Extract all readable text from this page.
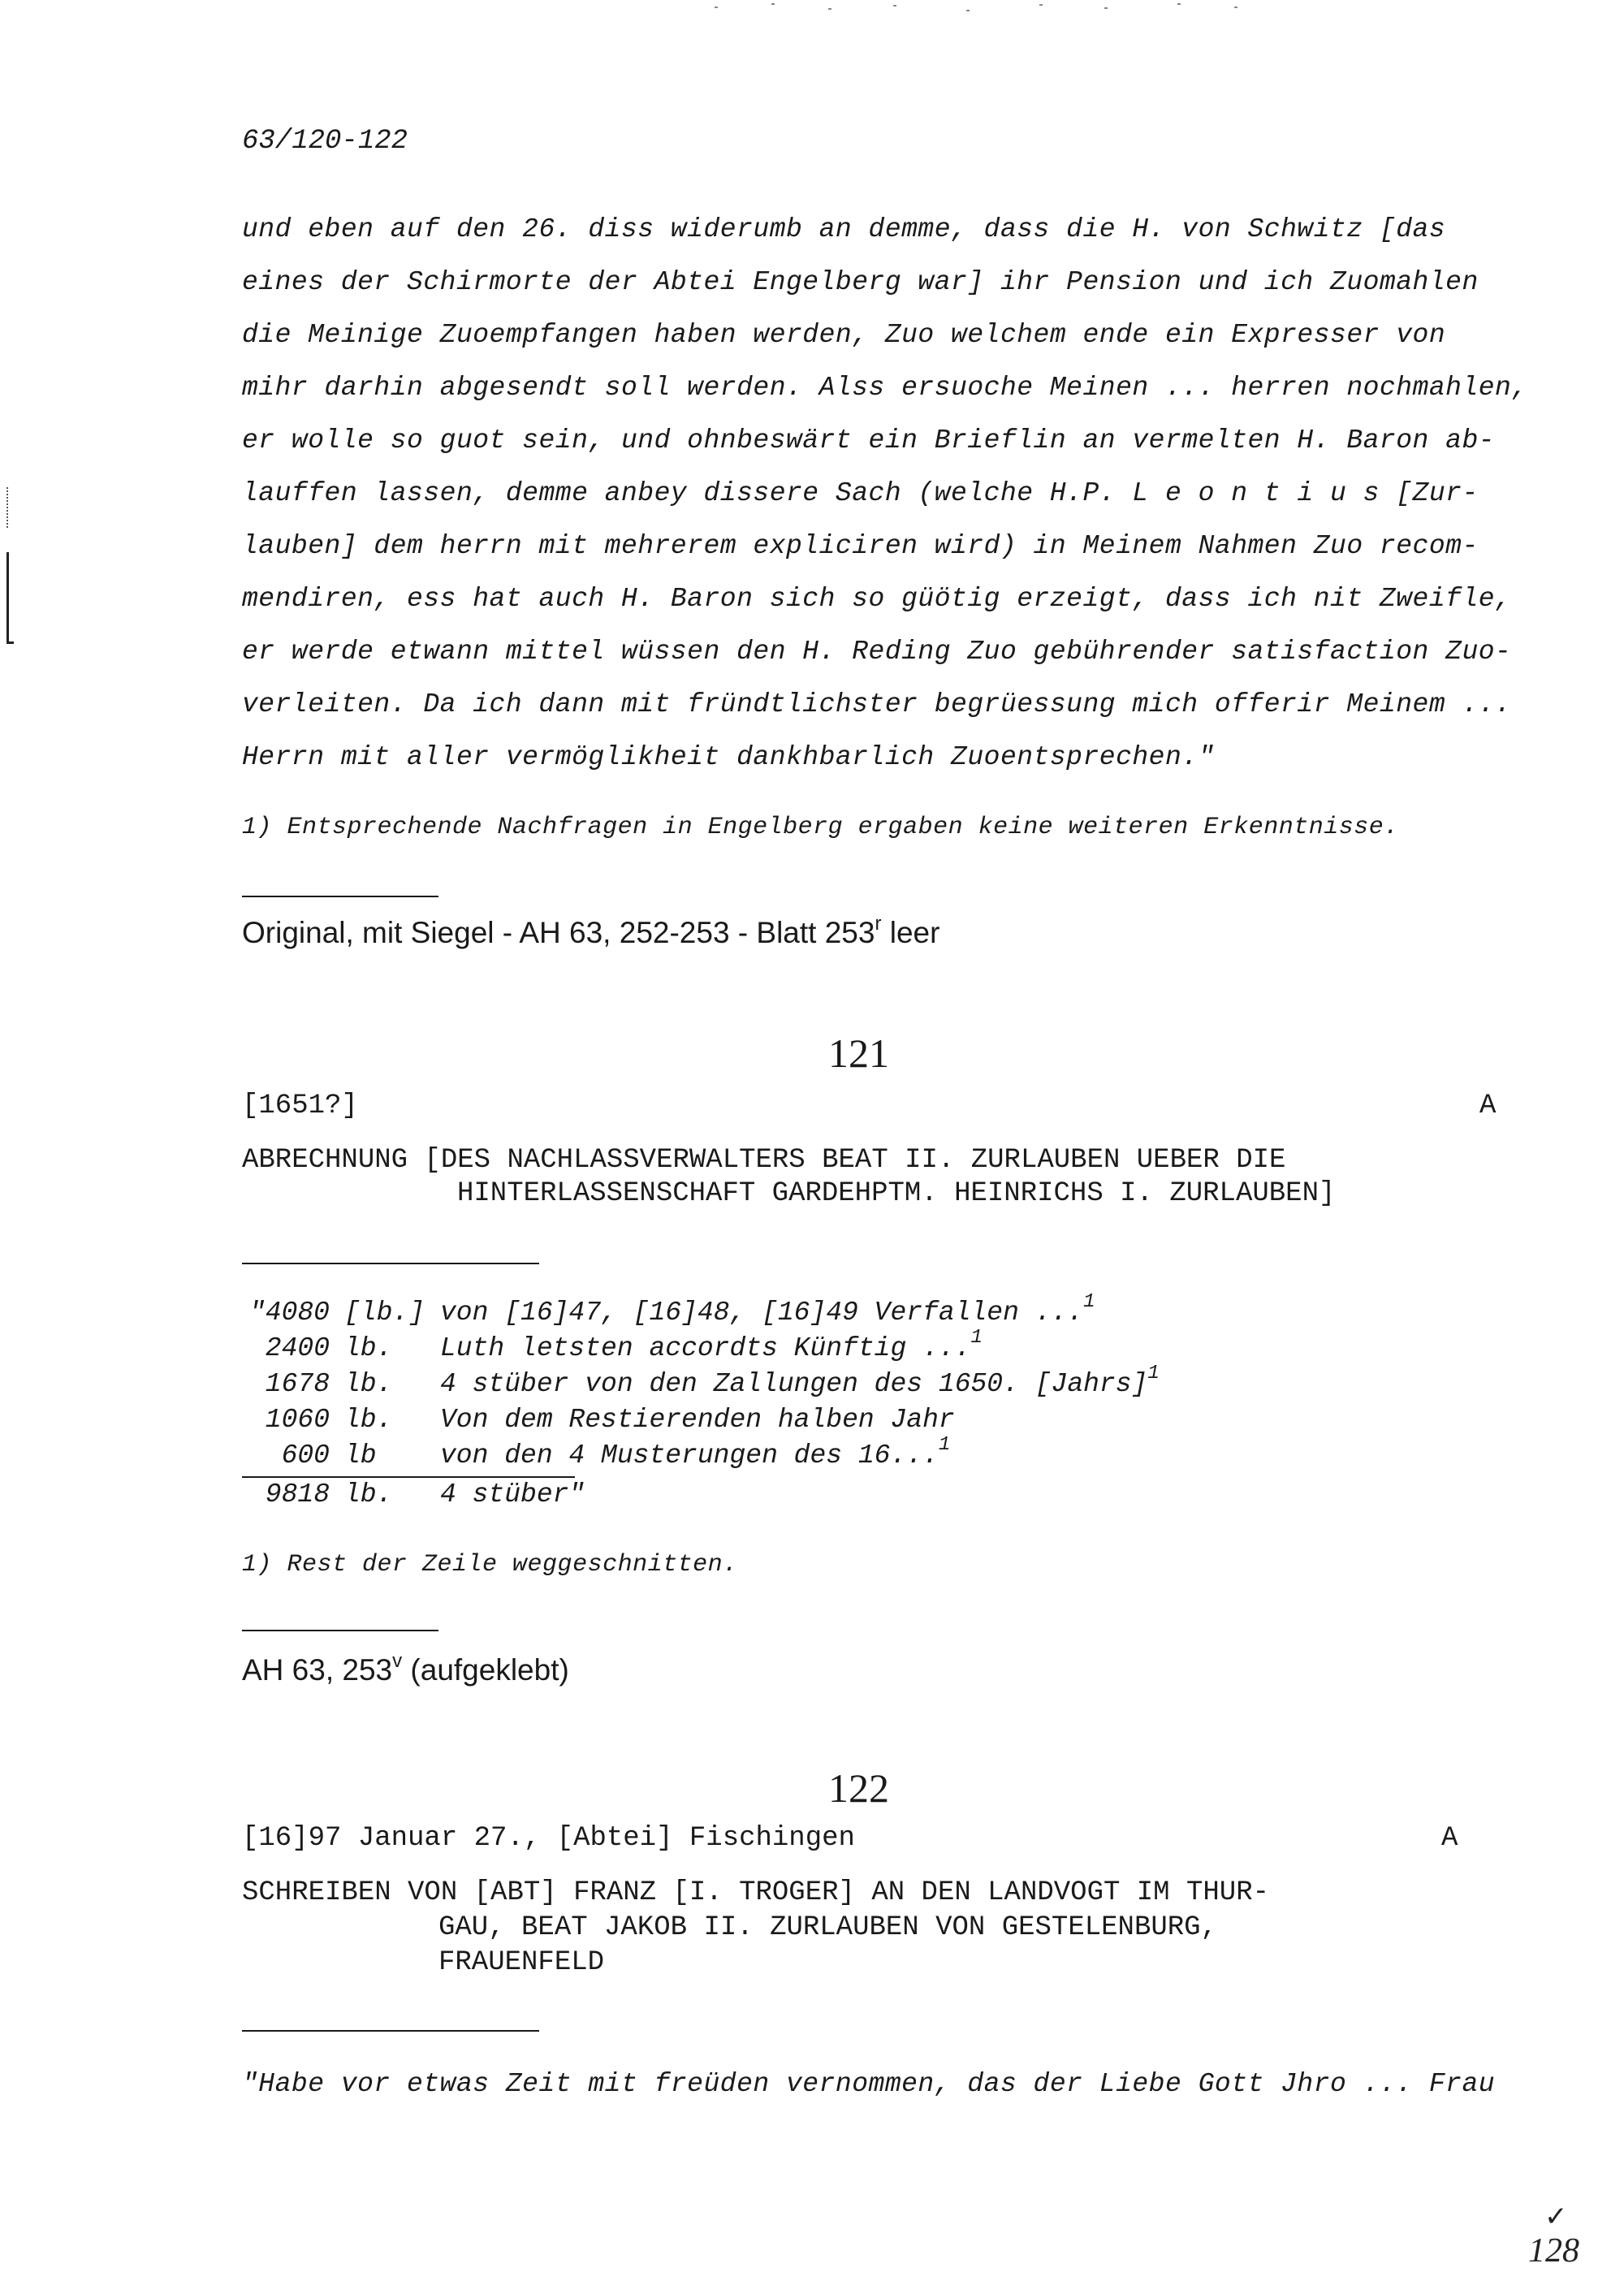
63/120-122
und eben auf den 26. diss widerumb an demme, dass die H. von Schwitz [das
eines der Schirmorte der Abtei Engelberg war] ihr Pension und ich Zuomahlen
die Meinige Zuoempfangen haben werden, Zuo welchem ende ein Expresser von
mihr darhin abgesendt soll werden. Alss ersuoche Meinen ... herren nochmahlen,
er wolle so guot sein, und ohnbeswärt ein Brieflin an vermelten H. Baron ab-
lauffen lassen, demme anbey dissere Sach (welche H.P. L e o n t i u s [Zur-
lauben] dem herrn mit mehrerem expliciren wird) in Meinem Nahmen Zuo recom-
mendiren, ess hat auch H. Baron sich so güötig erzeigt, dass ich nit Zweifle,
er werde etwann mittel wüssen den H. Reding Zuo gebührender satisfaction Zuo-
verleiten. Da ich dann mit fründtlichster begrüessung mich offerir Meinem ...
Herrn mit aller vermöglikheit dankhbarlich Zuoentsprechen."
1) Entsprechende Nachfragen in Engelberg ergaben keine weiteren Erkenntnisse.
Original, mit Siegel - AH 63, 252-253 - Blatt 253$^r$ leer
121
[1651?]	A
ABRECHNUNG [DES NACHLASSVERWALTERS BEAT II. ZURLAUBEN UEBER DIE
HINTERLASSENSCHAFT GARDEHPTM. HEINRICHS I. ZURLAUBEN]
"4080 [lb.] von [16]47, [16]48, [16]49 Verfallen ...$^1$
2400 lb. Luth letsten accordts Künftig ...$^1$
1678 lb. 4 stüber von den Zallungen des 1650. [Jahrs]$^1$
1060 lb. Von dem Restierenden halben Jahr
600 lb von den 4 Musterungen des 16...$^1$
9818 lb. 4 stüber"
1) Rest der Zeile weggeschnitten.
AH 63, 253$^v$ (aufgeklebt)
122
[16]97 Januar 27., [Abtei] Fischingen	A
SCHREIBEN VON [ABT] FRANZ [I. TROGER] AN DEN LANDVOGT IM THUR-
GAU, BEAT JAKOB II. ZURLAUBEN VON GESTELENBURG,
FRAUENFELD
"Habe vor etwas Zeit mit freüden vernommen, das der Liebe Gott Jhro ... Frau
✓
128
